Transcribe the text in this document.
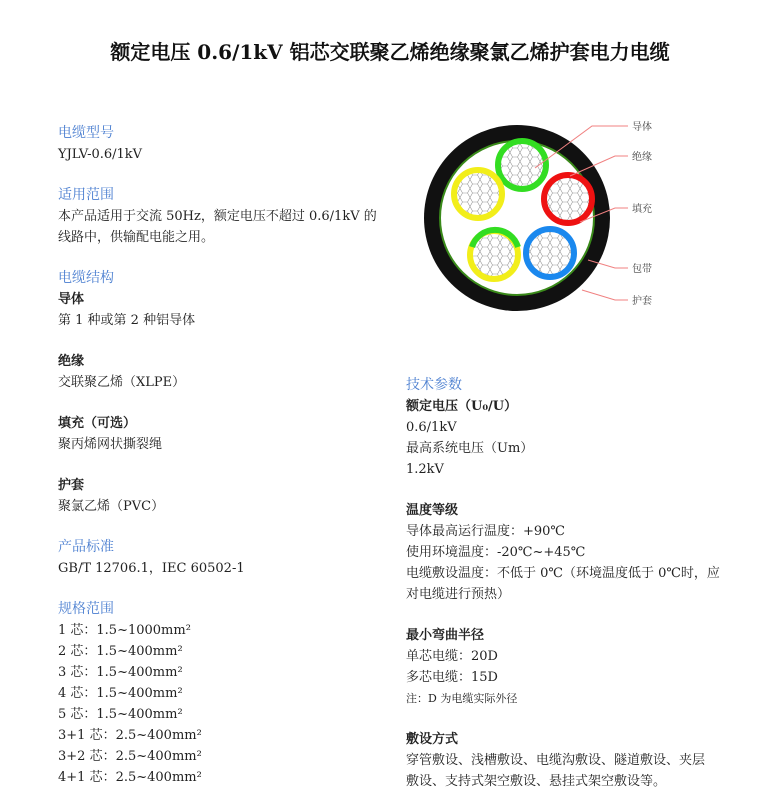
额定电压 0.6/1kV 铝芯交联聚乙烯绝缘聚氯乙烯护套电力电缆
电缆型号
YJLV-0.6/1kV
适用范围
本产品适用于交流 50Hz，额定电压不超过 0.6/1kV 的
线路中，供输配电能之用。
电缆结构
导体
第 1 种或第 2 种铝导体
绝缘
交联聚乙烯（XLPE）
填充（可选）
聚丙烯网状撕裂绳
护套
聚氯乙烯（PVC）
产品标准
GB/T 12706.1，IEC 60502-1
规格范围
1 芯：1.5~1000mm²
2 芯：1.5~400mm²
3 芯：1.5~400mm²
4 芯：1.5~400mm²
5 芯：1.5~400mm²
3+1 芯：2.5~400mm²
3+2 芯：2.5~400mm²
4+1 芯：2.5~400mm²
导体
绝缘
填充
包带
护套
技术参数
额定电压（U₀/U）
0.6/1kV
最高系统电压（Um）
1.2kV
温度等级
导体最高运行温度：+90℃
使用环境温度：-20℃~+45℃
电缆敷设温度：不低于 0℃（环境温度低于 0℃时，应
对电缆进行预热）
最小弯曲半径
单芯电缆：20D
多芯电缆：15D
注：D 为电缆实际外径
敷设方式
穿管敷设、浅槽敷设、电缆沟敷设、隧道敷设、夹层
敷设、支持式架空敷设、悬挂式架空敷设等。
